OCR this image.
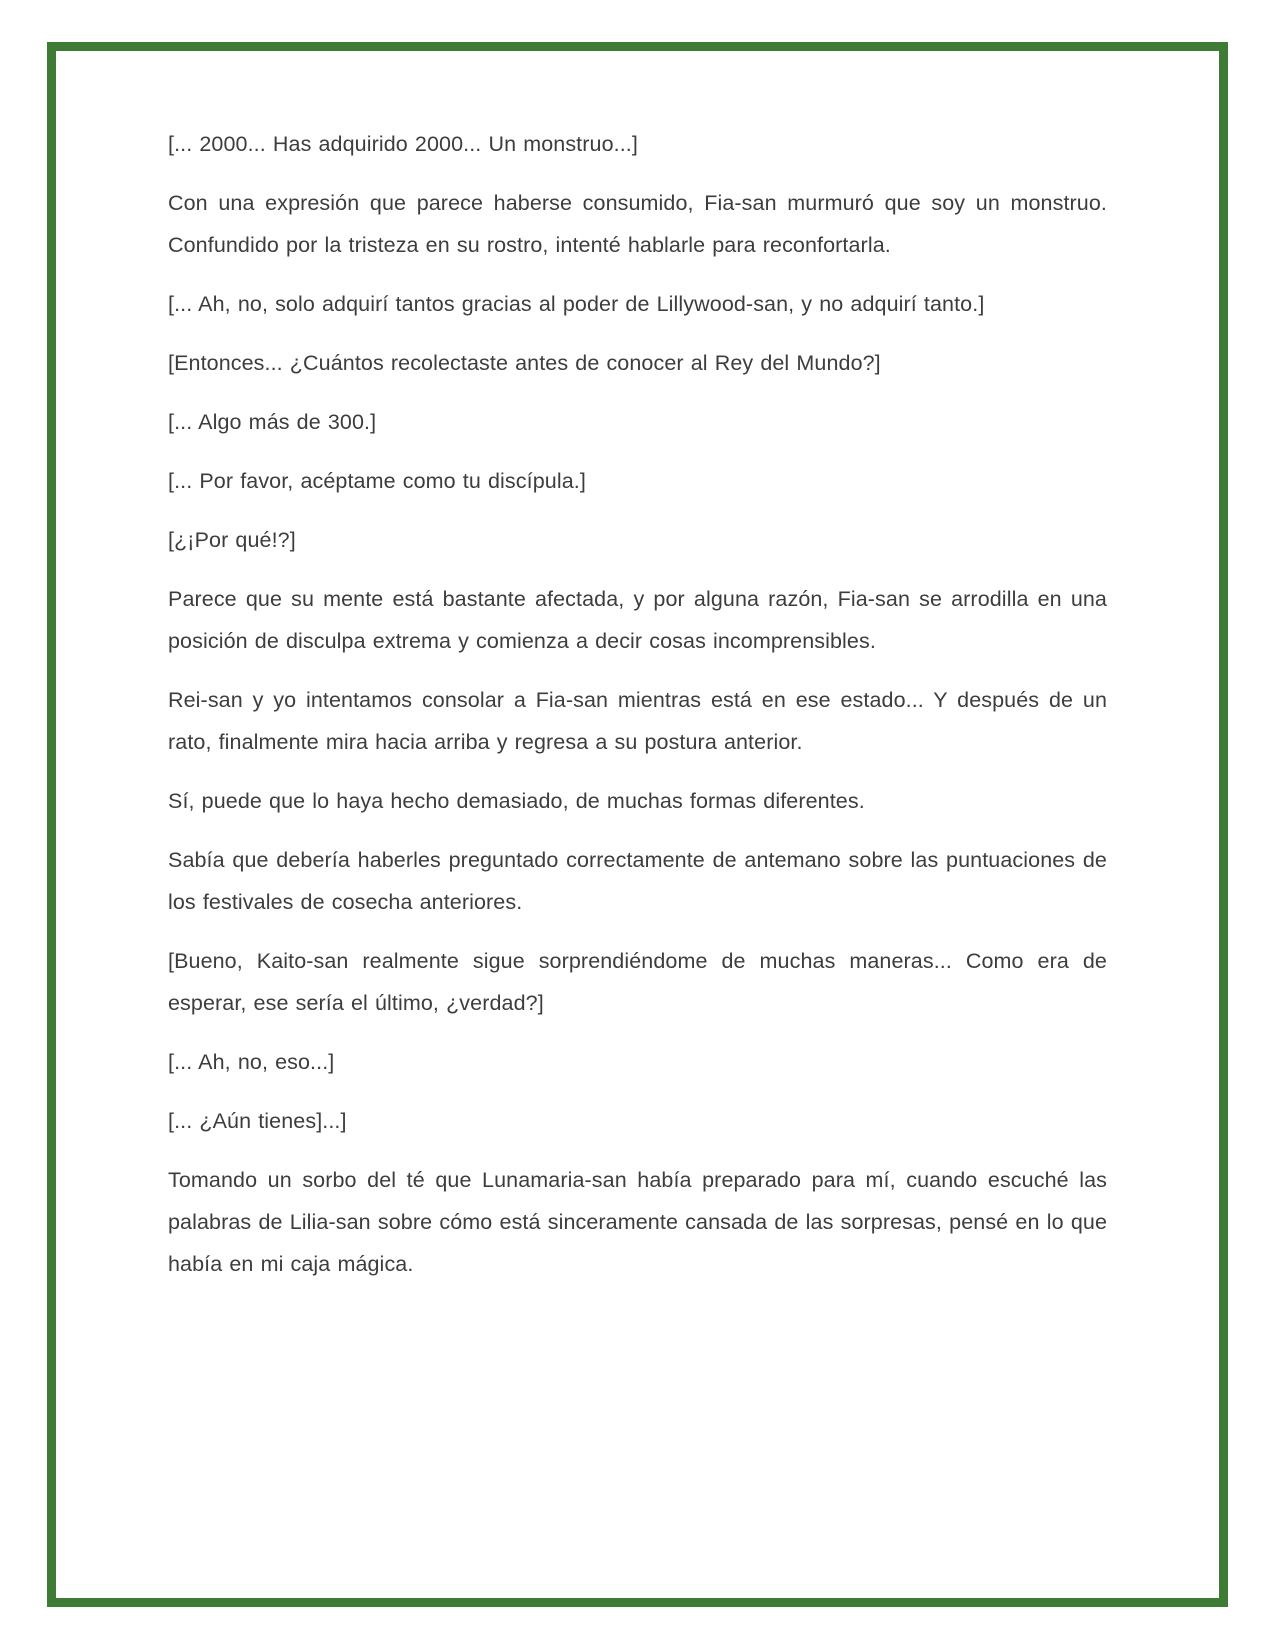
[... 2000... Has adquirido 2000... Un monstruo...]

Con una expresión que parece haberse consumido, Fia-san murmuró que soy un monstruo. Confundido por la tristeza en su rostro, intenté hablarle para reconfortarla.

[... Ah, no, solo adquirí tantos gracias al poder de Lillywood-san, y no adquirí tanto.]

[Entonces... ¿Cuántos recolectaste antes de conocer al Rey del Mundo?]

[... Algo más de 300.]

[... Por favor, acéptame como tu discípula.]

[¿¡Por qué!?]

Parece que su mente está bastante afectada, y por alguna razón, Fia-san se arrodilla en una posición de disculpa extrema y comienza a decir cosas incomprensibles.

Rei-san y yo intentamos consolar a Fia-san mientras está en ese estado... Y después de un rato, finalmente mira hacia arriba y regresa a su postura anterior.

Sí, puede que lo haya hecho demasiado, de muchas formas diferentes.

Sabía que debería haberles preguntado correctamente de antemano sobre las puntuaciones de los festivales de cosecha anteriores.

[Bueno, Kaito-san realmente sigue sorprendiéndome de muchas maneras... Como era de esperar, ese sería el último, ¿verdad?]

[... Ah, no, eso...]

[... ¿Aún tienes]...]

Tomando un sorbo del té que Lunamaria-san había preparado para mí, cuando escuché las palabras de Lilia-san sobre cómo está sinceramente cansada de las sorpresas, pensé en lo que había en mi caja mágica.
